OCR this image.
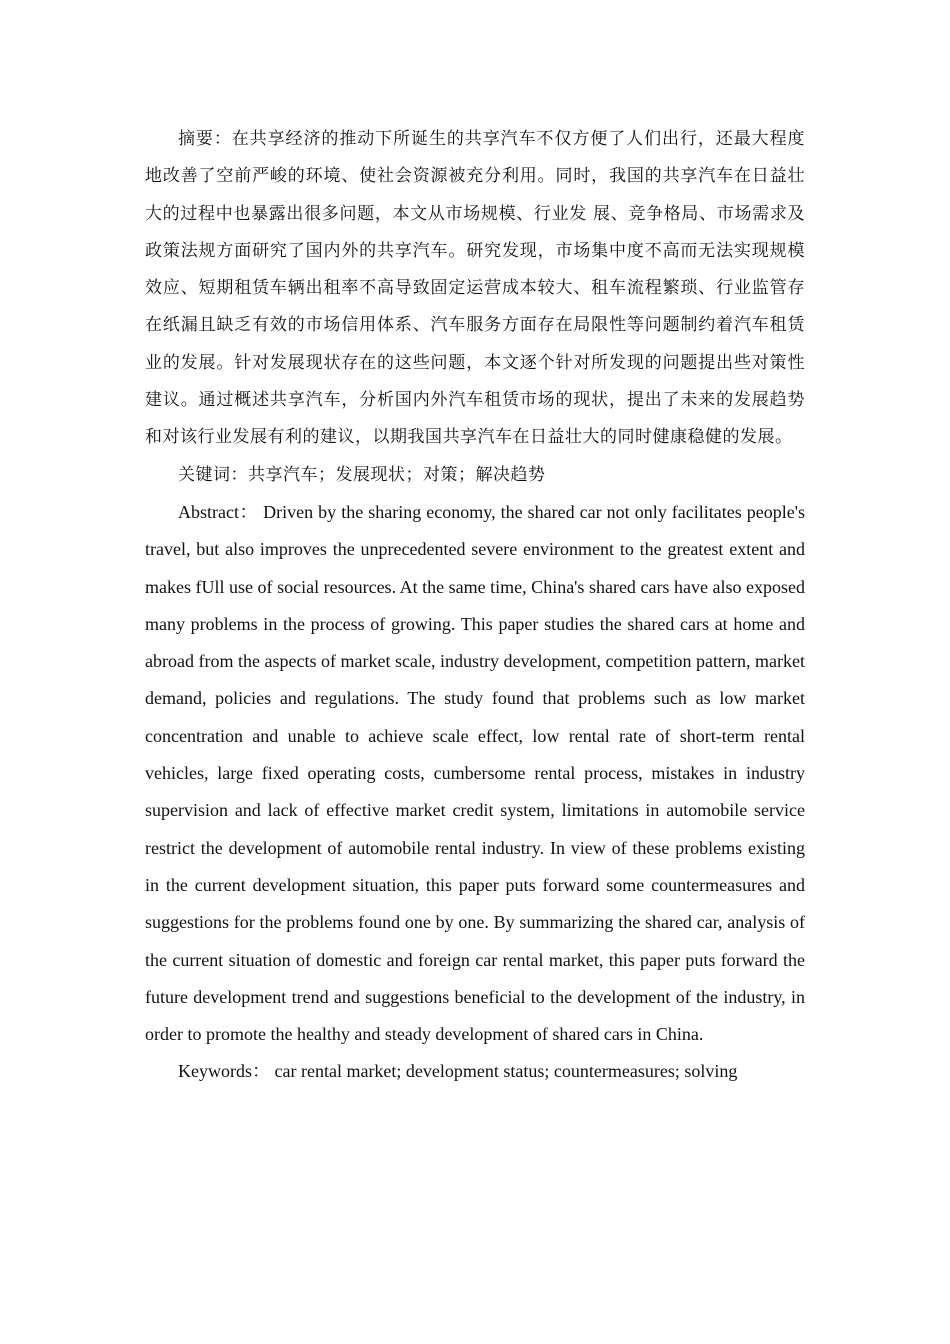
摘要：在共享经济的推动下所诞生的共享汽车不仅方便了人们出行，还最大程度地改善了空前严峻的环境、使社会资源被充分利用。同时，我国的共享汽车在日益壮大的过程中也暴露出很多问题，本文从市场规模、行业发 展、竞争格局、市场需求及政策法规方面研究了国内外的共享汽车。研究发现，市场集中度不高而无法实现规模效应、短期租赁车辆出租率不高导致固定运营成本较大、租车流程繁琐、行业监管存在纸漏且缺乏有效的市场信用体系、汽车服务方面存在局限性等问题制约着汽车租赁业的发展。针对发展现状存在的这些问题，本文逐个针对所发现的问题提出些对策性建议。通过概述共享汽车，分析国内外汽车租赁市场的现状，提出了未来的发展趋势和对该行业发展有利的建议，以期我国共享汽车在日益壮大的同时健康稳健的发展。

关键词：共享汽车；发展现状；对策；解决趋势

Abstract： Driven by the sharing economy, the shared car not only facilitates people's travel, but also improves the unprecedented severe environment to the greatest extent and makes fUll use of social resources. At the same time, China's shared cars have also exposed many problems in the process of growing. This paper studies the shared cars at home and abroad from the aspects of market scale, industry development, competition pattern, market demand, policies and regulations. The study found that problems such as low market concentration and unable to achieve scale effect, low rental rate of short-term rental vehicles, large fixed operating costs, cumbersome rental process, mistakes in industry supervision and lack of effective market credit system, limitations in automobile service restrict the development of automobile rental industry. In view of these problems existing in the current development situation, this paper puts forward some countermeasures and suggestions for the problems found one by one. By summarizing the shared car, analysis of the current situation of domestic and foreign car rental market, this paper puts forward the future development trend and suggestions beneficial to the development of the industry, in order to promote the healthy and steady development of shared cars in China.

Keywords： car rental market; development status; countermeasures; solving
